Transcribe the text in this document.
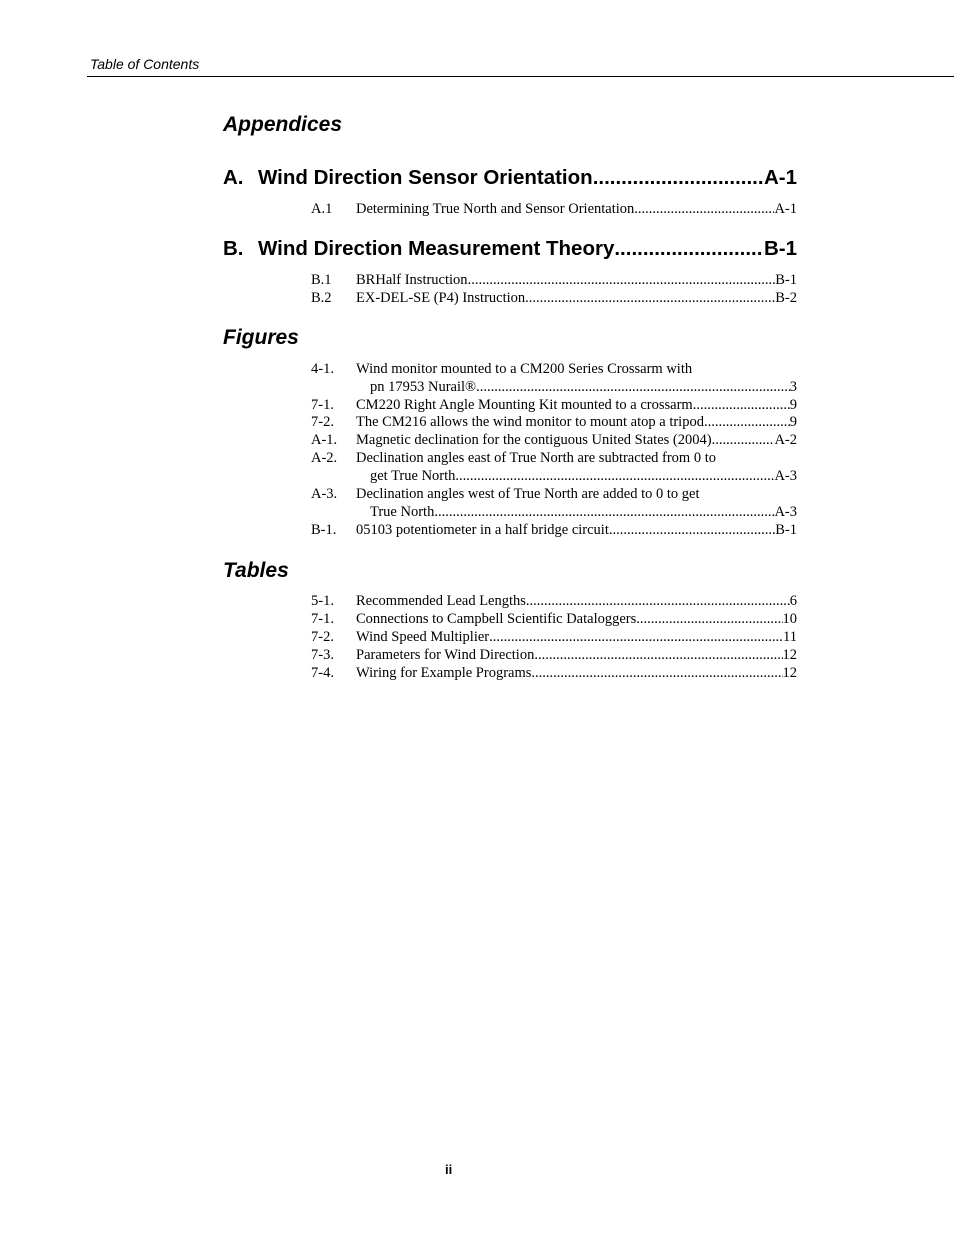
Table of Contents
Appendices
A. Wind Direction Sensor Orientation .....	A-1
A.1 Determining True North and Sensor Orientation .....	A-1
B. Wind Direction Measurement Theory .....	B-1
B.1 BRHalf Instruction .....	B-1
B.2 EX-DEL-SE (P4) Instruction .....	B-2
Figures
4-1. Wind monitor mounted to a CM200 Series Crossarm with
pn 17953 Nurail® .....	3
7-1. CM220 Right Angle Mounting Kit mounted to a crossarm .....	9
7-2. The CM216 allows the wind monitor to mount atop a tripod .....	9
A-1. Magnetic declination for the contiguous United States (2004) .....	A-2
A-2. Declination angles east of True North are subtracted from 0 to
get True North .....	A-3
A-3. Declination angles west of True North are added to 0 to get
True North .....	A-3
B-1. 05103 potentiometer in a half bridge circuit .....	B-1
Tables
5-1. Recommended Lead Lengths .....	6
7-1. Connections to Campbell Scientific Dataloggers .....	10
7-2. Wind Speed Multiplier .....	11
7-3. Parameters for Wind Direction .....	12
7-4. Wiring for Example Programs .....	12
ii
